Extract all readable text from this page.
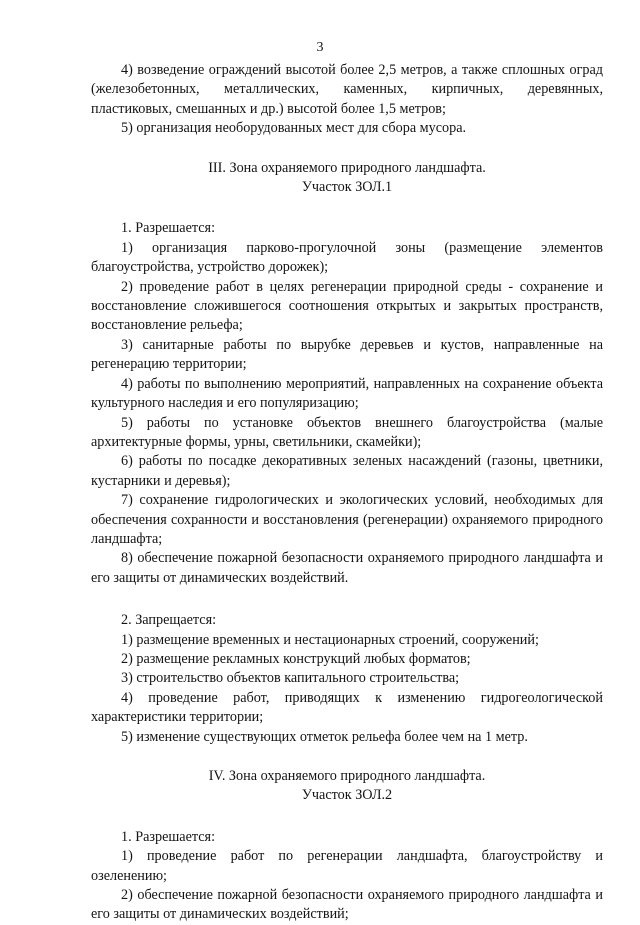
3

4) возведение ограждений высотой более 2,5 метров, а также сплошных оград (железобетонных, металлических, каменных, кирпичных, деревянных, пластиковых, смешанных и др.) высотой более 1,5 метров;

5) организация необорудованных мест для сбора мусора.

III. Зона охраняемого природного ландшафта.

Участок ЗОЛ.1

1. Разрешается:

1) организация парково-прогулочной зоны (размещение элементов благоустройства, устройство дорожек);

2) проведение работ в целях регенерации природной среды - сохранение и восстановление сложившегося соотношения открытых и закрытых пространств, восстановление рельефа;

3) санитарные работы по вырубке деревьев и кустов, направленные на регенерацию территории;

4) работы по выполнению мероприятий, направленных на сохранение объекта культурного наследия и его популяризацию;

5) работы по установке объектов внешнего благоустройства (малые архитектурные формы, урны, светильники, скамейки);

6) работы по посадке декоративных зеленых насаждений (газоны, цветники, кустарники и деревья);

7) сохранение гидрологических и экологических условий, необходимых для обеспечения сохранности и восстановления (регенерации) охраняемого природного ландшафта;

8) обеспечение пожарной безопасности охраняемого природного ландшафта и его защиты от динамических воздействий.

2. Запрещается:

1) размещение временных и нестационарных строений, сооружений;

2) размещение рекламных конструкций любых форматов;

3) строительство объектов капитального строительства;

4) проведение работ, приводящих к изменению гидрогеологической характеристики территории;

5) изменение существующих отметок рельефа более чем на 1 метр.

IV. Зона охраняемого природного ландшафта.

Участок ЗОЛ.2

1. Разрешается:

1) проведение работ по регенерации ландшафта, благоустройству и озеленению;

2) обеспечение пожарной безопасности охраняемого природного ландшафта и его защиты от динамических воздействий;
